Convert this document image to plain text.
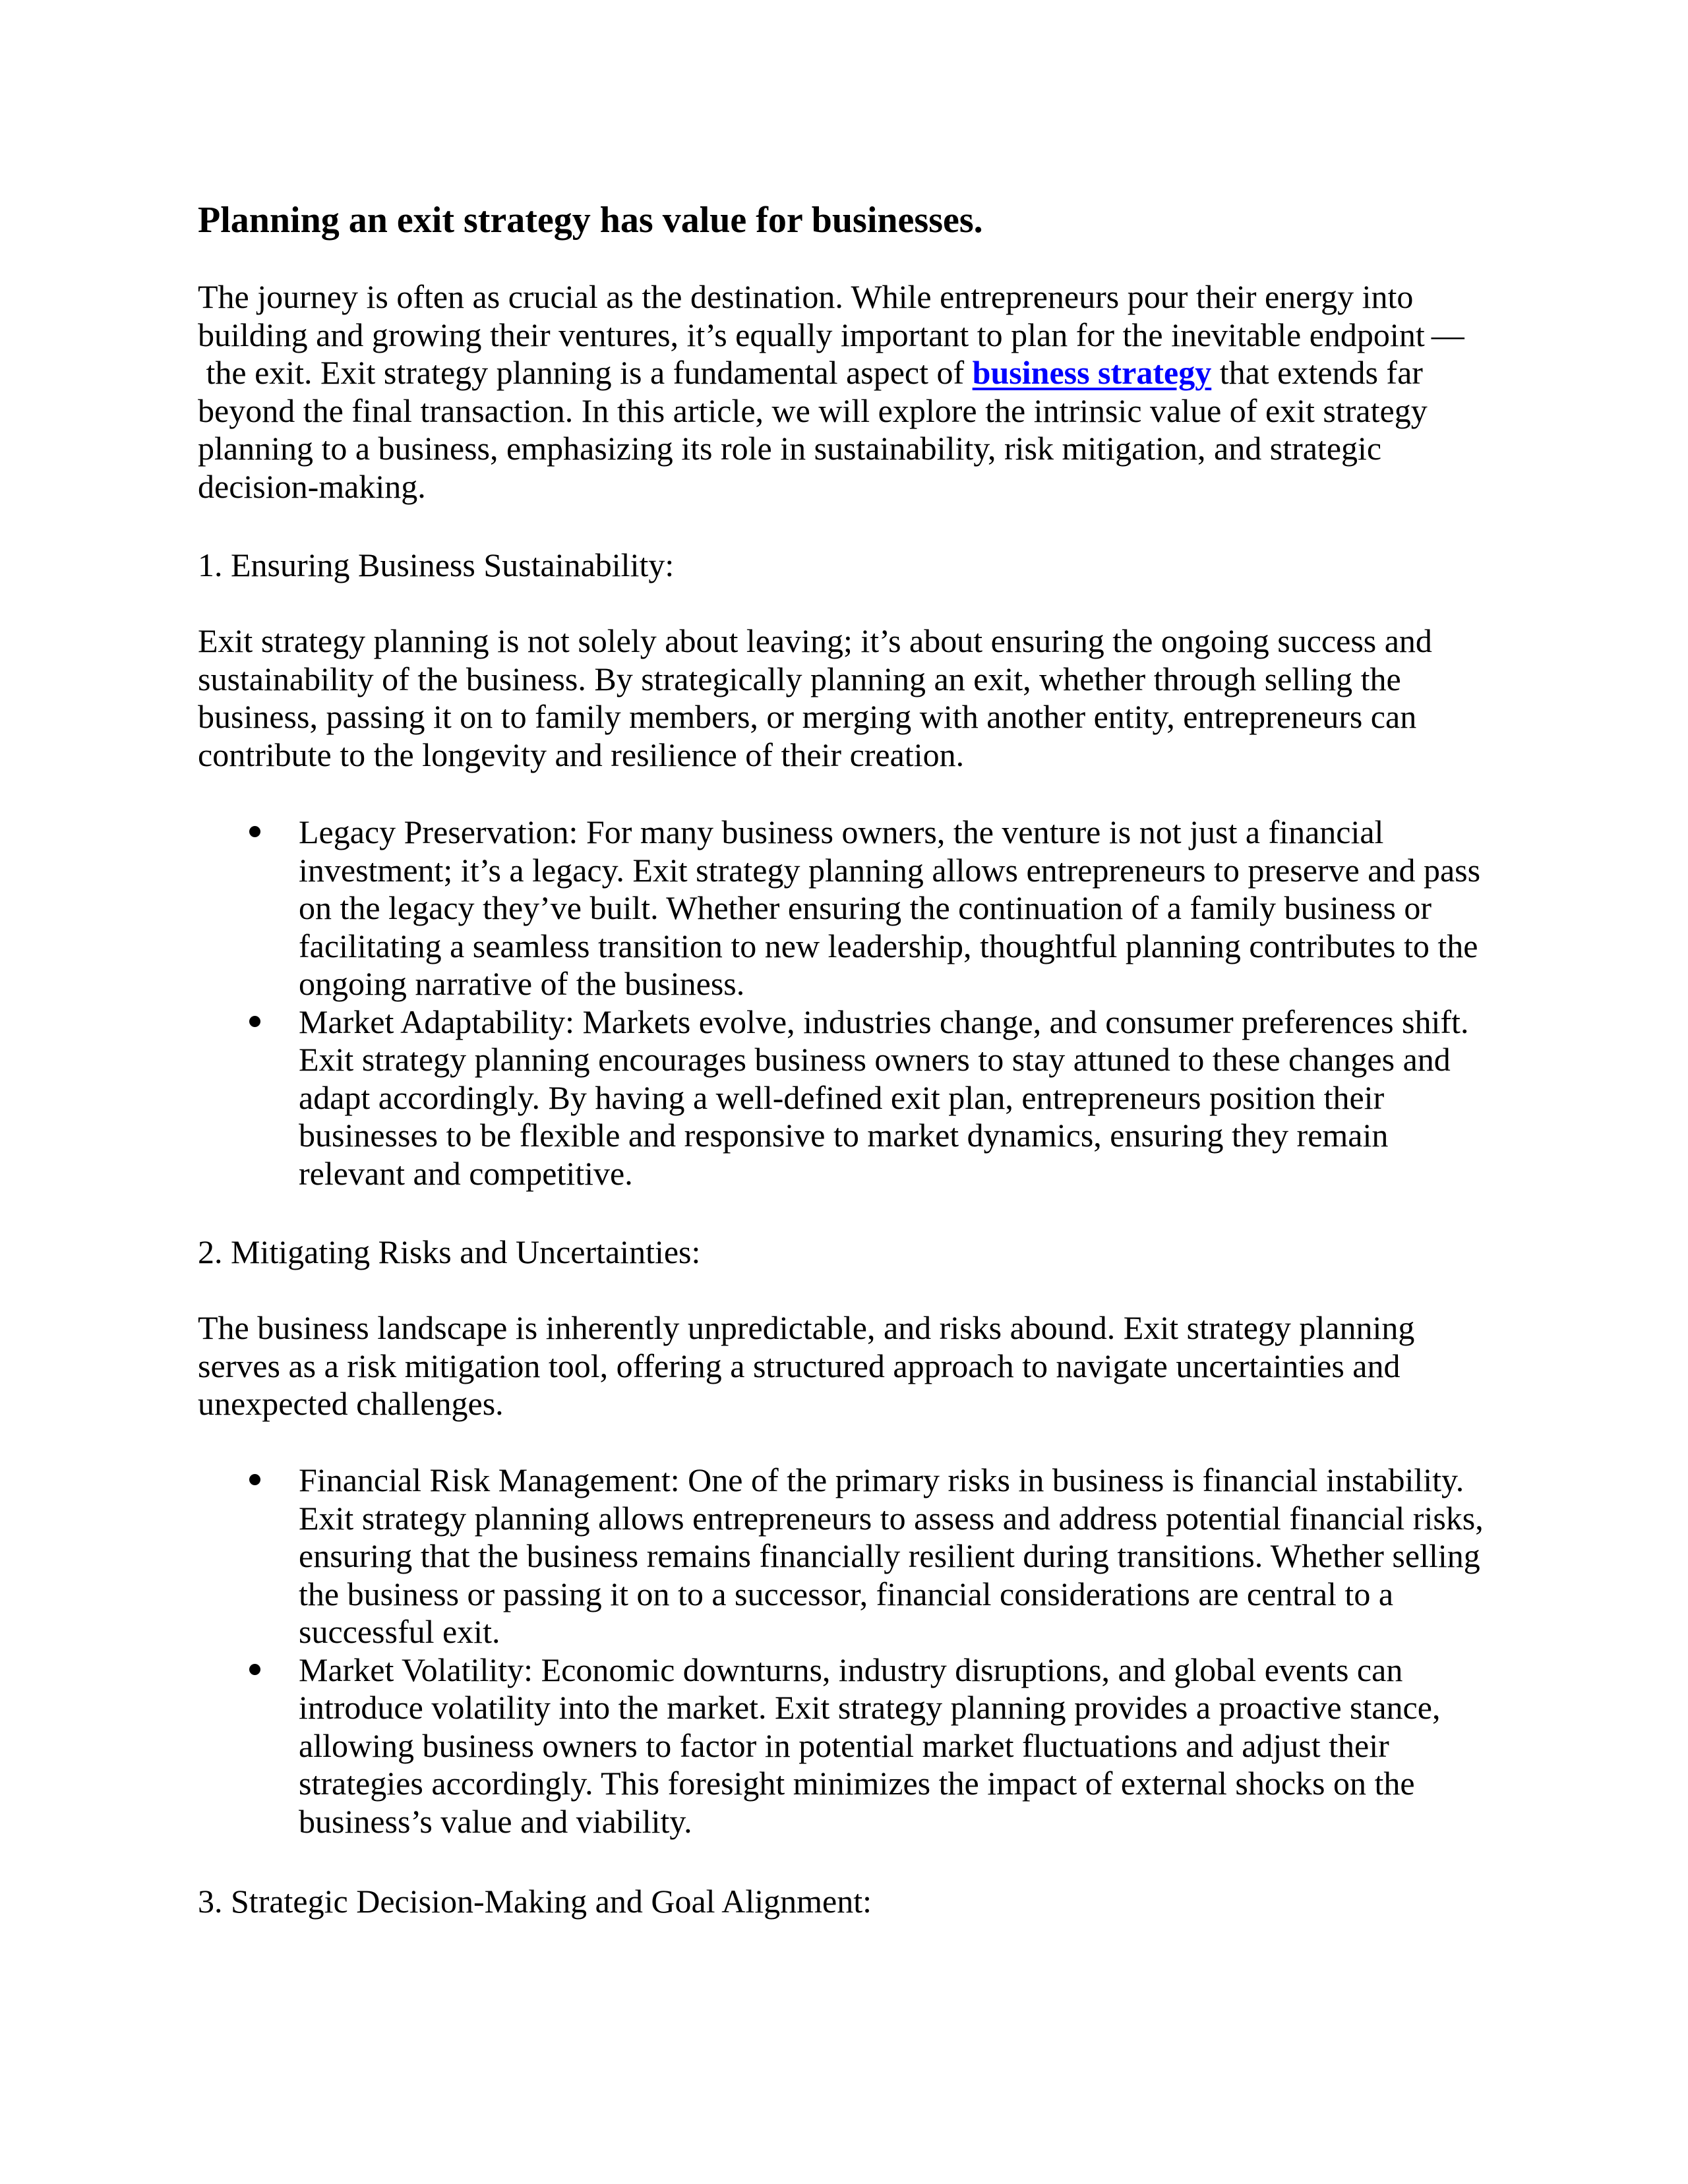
Planning an exit strategy has value for businesses.

The journey is often as crucial as the destination. While entrepreneurs pour their energy into
building and growing their ventures, it’s equally important to plan for the inevitable endpoint —
the exit. Exit strategy planning is a fundamental aspect of business strategy that extends far
beyond the final transaction. In this article, we will explore the intrinsic value of exit strategy
planning to a business, emphasizing its role in sustainability, risk mitigation, and strategic
decision-making.

1. Ensuring Business Sustainability:

Exit strategy planning is not solely about leaving; it’s about ensuring the ongoing success and
sustainability of the business. By strategically planning an exit, whether through selling the
business, passing it on to family members, or merging with another entity, entrepreneurs can
contribute to the longevity and resilience of their creation.

Legacy Preservation: For many business owners, the venture is not just a financial
investment; it’s a legacy. Exit strategy planning allows entrepreneurs to preserve and pass
on the legacy they’ve built. Whether ensuring the continuation of a family business or
facilitating a seamless transition to new leadership, thoughtful planning contributes to the
ongoing narrative of the business.
Market Adaptability: Markets evolve, industries change, and consumer preferences shift.
Exit strategy planning encourages business owners to stay attuned to these changes and
adapt accordingly. By having a well-defined exit plan, entrepreneurs position their
businesses to be flexible and responsive to market dynamics, ensuring they remain
relevant and competitive.

2. Mitigating Risks and Uncertainties:

The business landscape is inherently unpredictable, and risks abound. Exit strategy planning
serves as a risk mitigation tool, offering a structured approach to navigate uncertainties and
unexpected challenges.

Financial Risk Management: One of the primary risks in business is financial instability.
Exit strategy planning allows entrepreneurs to assess and address potential financial risks,
ensuring that the business remains financially resilient during transitions. Whether selling
the business or passing it on to a successor, financial considerations are central to a
successful exit.
Market Volatility: Economic downturns, industry disruptions, and global events can
introduce volatility into the market. Exit strategy planning provides a proactive stance,
allowing business owners to factor in potential market fluctuations and adjust their
strategies accordingly. This foresight minimizes the impact of external shocks on the
business’s value and viability.

3. Strategic Decision-Making and Goal Alignment:
